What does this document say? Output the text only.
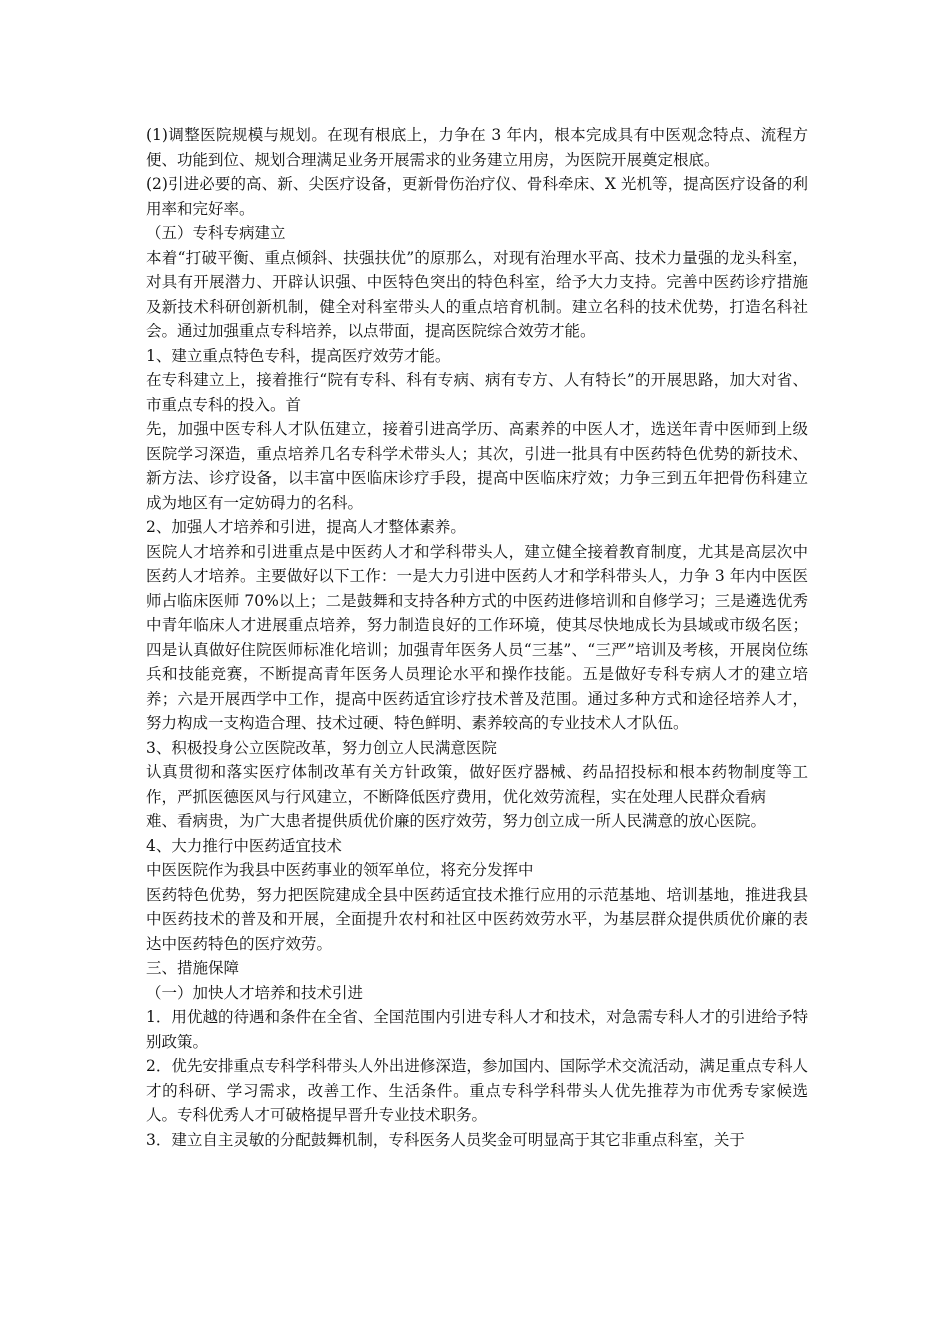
(1)调整医院规模与规划。在现有根底上，力争在 3 年内，根本完成具有中医观念特点、流程方便、功能到位、规划合理满足业务开展需求的业务建立用房，为医院开展奠定根底。

(2)引进必要的高、新、尖医疗设备，更新骨伤治疗仪、骨科牵床、X 光机等，提高医疗设备的利用率和完好率。

（五）专科专病建立

本着“打破平衡、重点倾斜、扶强扶优”的原那么，对现有治理水平高、技术力量强的龙头科室，对具有开展潜力、开辟认识强、中医特色突出的特色科室，给予大力支持。完善中医药诊疗措施及新技术科研创新机制，健全对科室带头人的重点培育机制。建立名科的技术优势，打造名科社会。通过加强重点专科培养，以点带面，提高医院综合效劳才能。

1、建立重点特色专科，提高医疗效劳才能。

在专科建立上，接着推行“院有专科、科有专病、病有专方、人有特长”的开展思路，加大对省、市重点专科的投入。首

先，加强中医专科人才队伍建立，接着引进高学历、高素养的中医人才，选送年青中医师到上级医院学习深造，重点培养几名专科学术带头人；其次，引进一批具有中医药特色优势的新技术、新方法、诊疗设备，以丰富中医临床诊疗手段，提高中医临床疗效；力争三到五年把骨伤科建立成为地区有一定妨碍力的名科。

2、加强人才培养和引进，提高人才整体素养。

医院人才培养和引进重点是中医药人才和学科带头人，建立健全接着教育制度，尤其是高层次中医药人才培养。主要做好以下工作：一是大力引进中医药人才和学科带头人，力争 3 年内中医医师占临床医师 70%以上；二是鼓舞和支持各种方式的中医药进修培训和自修学习；三是遴选优秀中青年临床人才进展重点培养，努力制造良好的工作环境，使其尽快地成长为县域或市级名医；四是认真做好住院医师标准化培训；加强青年医务人员“三基”、“三严”培训及考核，开展岗位练兵和技能竞赛，不断提高青年医务人员理论水平和操作技能。五是做好专科专病人才的建立培养；六是开展西学中工作，提高中医药适宜诊疗技术普及范围。通过多种方式和途径培养人才，努力构成一支构造合理、技术过硬、特色鲜明、素养较高的专业技术人才队伍。

3、积极投身公立医院改革，努力创立人民满意医院

认真贯彻和落实医疗体制改革有关方针政策，做好医疗器械、药品招投标和根本药物制度等工作，严抓医德医风与行风建立，不断降低医疗费用，优化效劳流程，实在处理人民群众看病

难、看病贵，为广大患者提供质优价廉的医疗效劳，努力创立成一所人民满意的放心医院。

4、大力推行中医药适宜技术

中医医院作为我县中医药事业的领军单位，将充分发挥中

医药特色优势，努力把医院建成全县中医药适宜技术推行应用的示范基地、培训基地，推进我县中医药技术的普及和开展，全面提升农村和社区中医药效劳水平，为基层群众提供质优价廉的表达中医药特色的医疗效劳。

三、措施保障

（一）加快人才培养和技术引进

1．用优越的待遇和条件在全省、全国范围内引进专科人才和技术，对急需专科人才的引进给予特别政策。

2．优先安排重点专科学科带头人外出进修深造，参加国内、国际学术交流活动，满足重点专科人才的科研、学习需求，改善工作、生活条件。重点专科学科带头人优先推荐为市优秀专家候选人。专科优秀人才可破格提早晋升专业技术职务。

3．建立自主灵敏的分配鼓舞机制，专科医务人员奖金可明显高于其它非重点科室，关于
